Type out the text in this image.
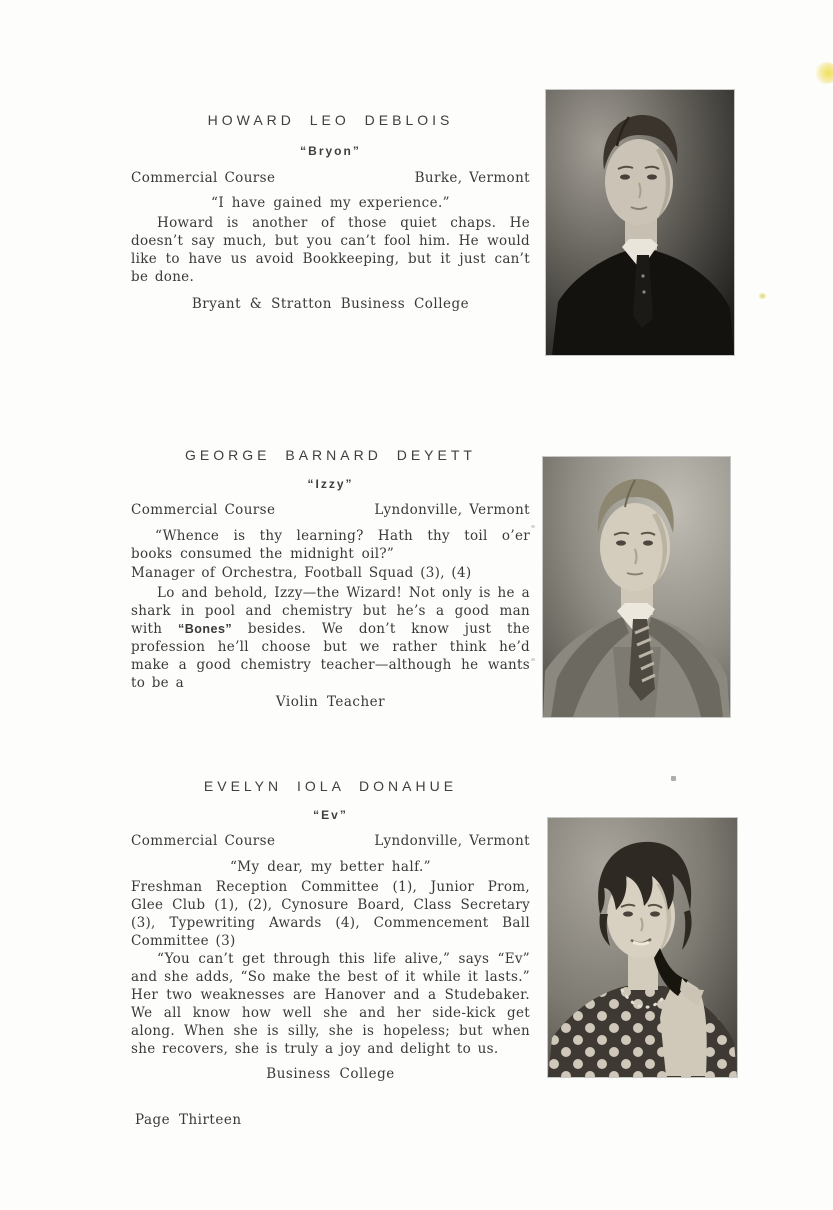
HOWARD LEO DEBLOIS
“Bryon”
Commercial Course	Burke, Vermont
“I have gained my experience.”
Howard is another of those quiet chaps. He doesn’t say much, but you can’t fool him. He would like to have us avoid Bookkeeping, but it just can’t be done.
Bryant & Stratton Business College
GEORGE BARNARD DEYETT
“Izzy”
Commercial Course	Lyndonville, Vermont
“Whence is thy learning? Hath thy toil o’er books consumed the midnight oil?”
Manager of Orchestra, Football Squad (3), (4)
Lo and behold, Izzy—the Wizard! Not only is he a shark in pool and chemistry but he’s a good man with “Bones” besides. We don’t know just the profession he’ll choose but we rather think he’d make a good chemistry teacher—although he wants to be a
Violin Teacher
EVELYN IOLA DONAHUE
“Ev”
Commercial Course	Lyndonville, Vermont
“My dear, my better half.”
Freshman Reception Committee (1), Junior Prom, Glee Club (1), (2), Cynosure Board, Class Secretary (3), Typewriting Awards (4), Commencement Ball Committee (3)
“You can’t get through this life alive,” says “Ev” and she adds, “So make the best of it while it lasts.” Her two weaknesses are Hanover and a Studebaker. We all know how well she and her side-kick get along. When she is silly, she is hopeless; but when she recovers, she is truly a joy and delight to us.
Business College
Page Thirteen
